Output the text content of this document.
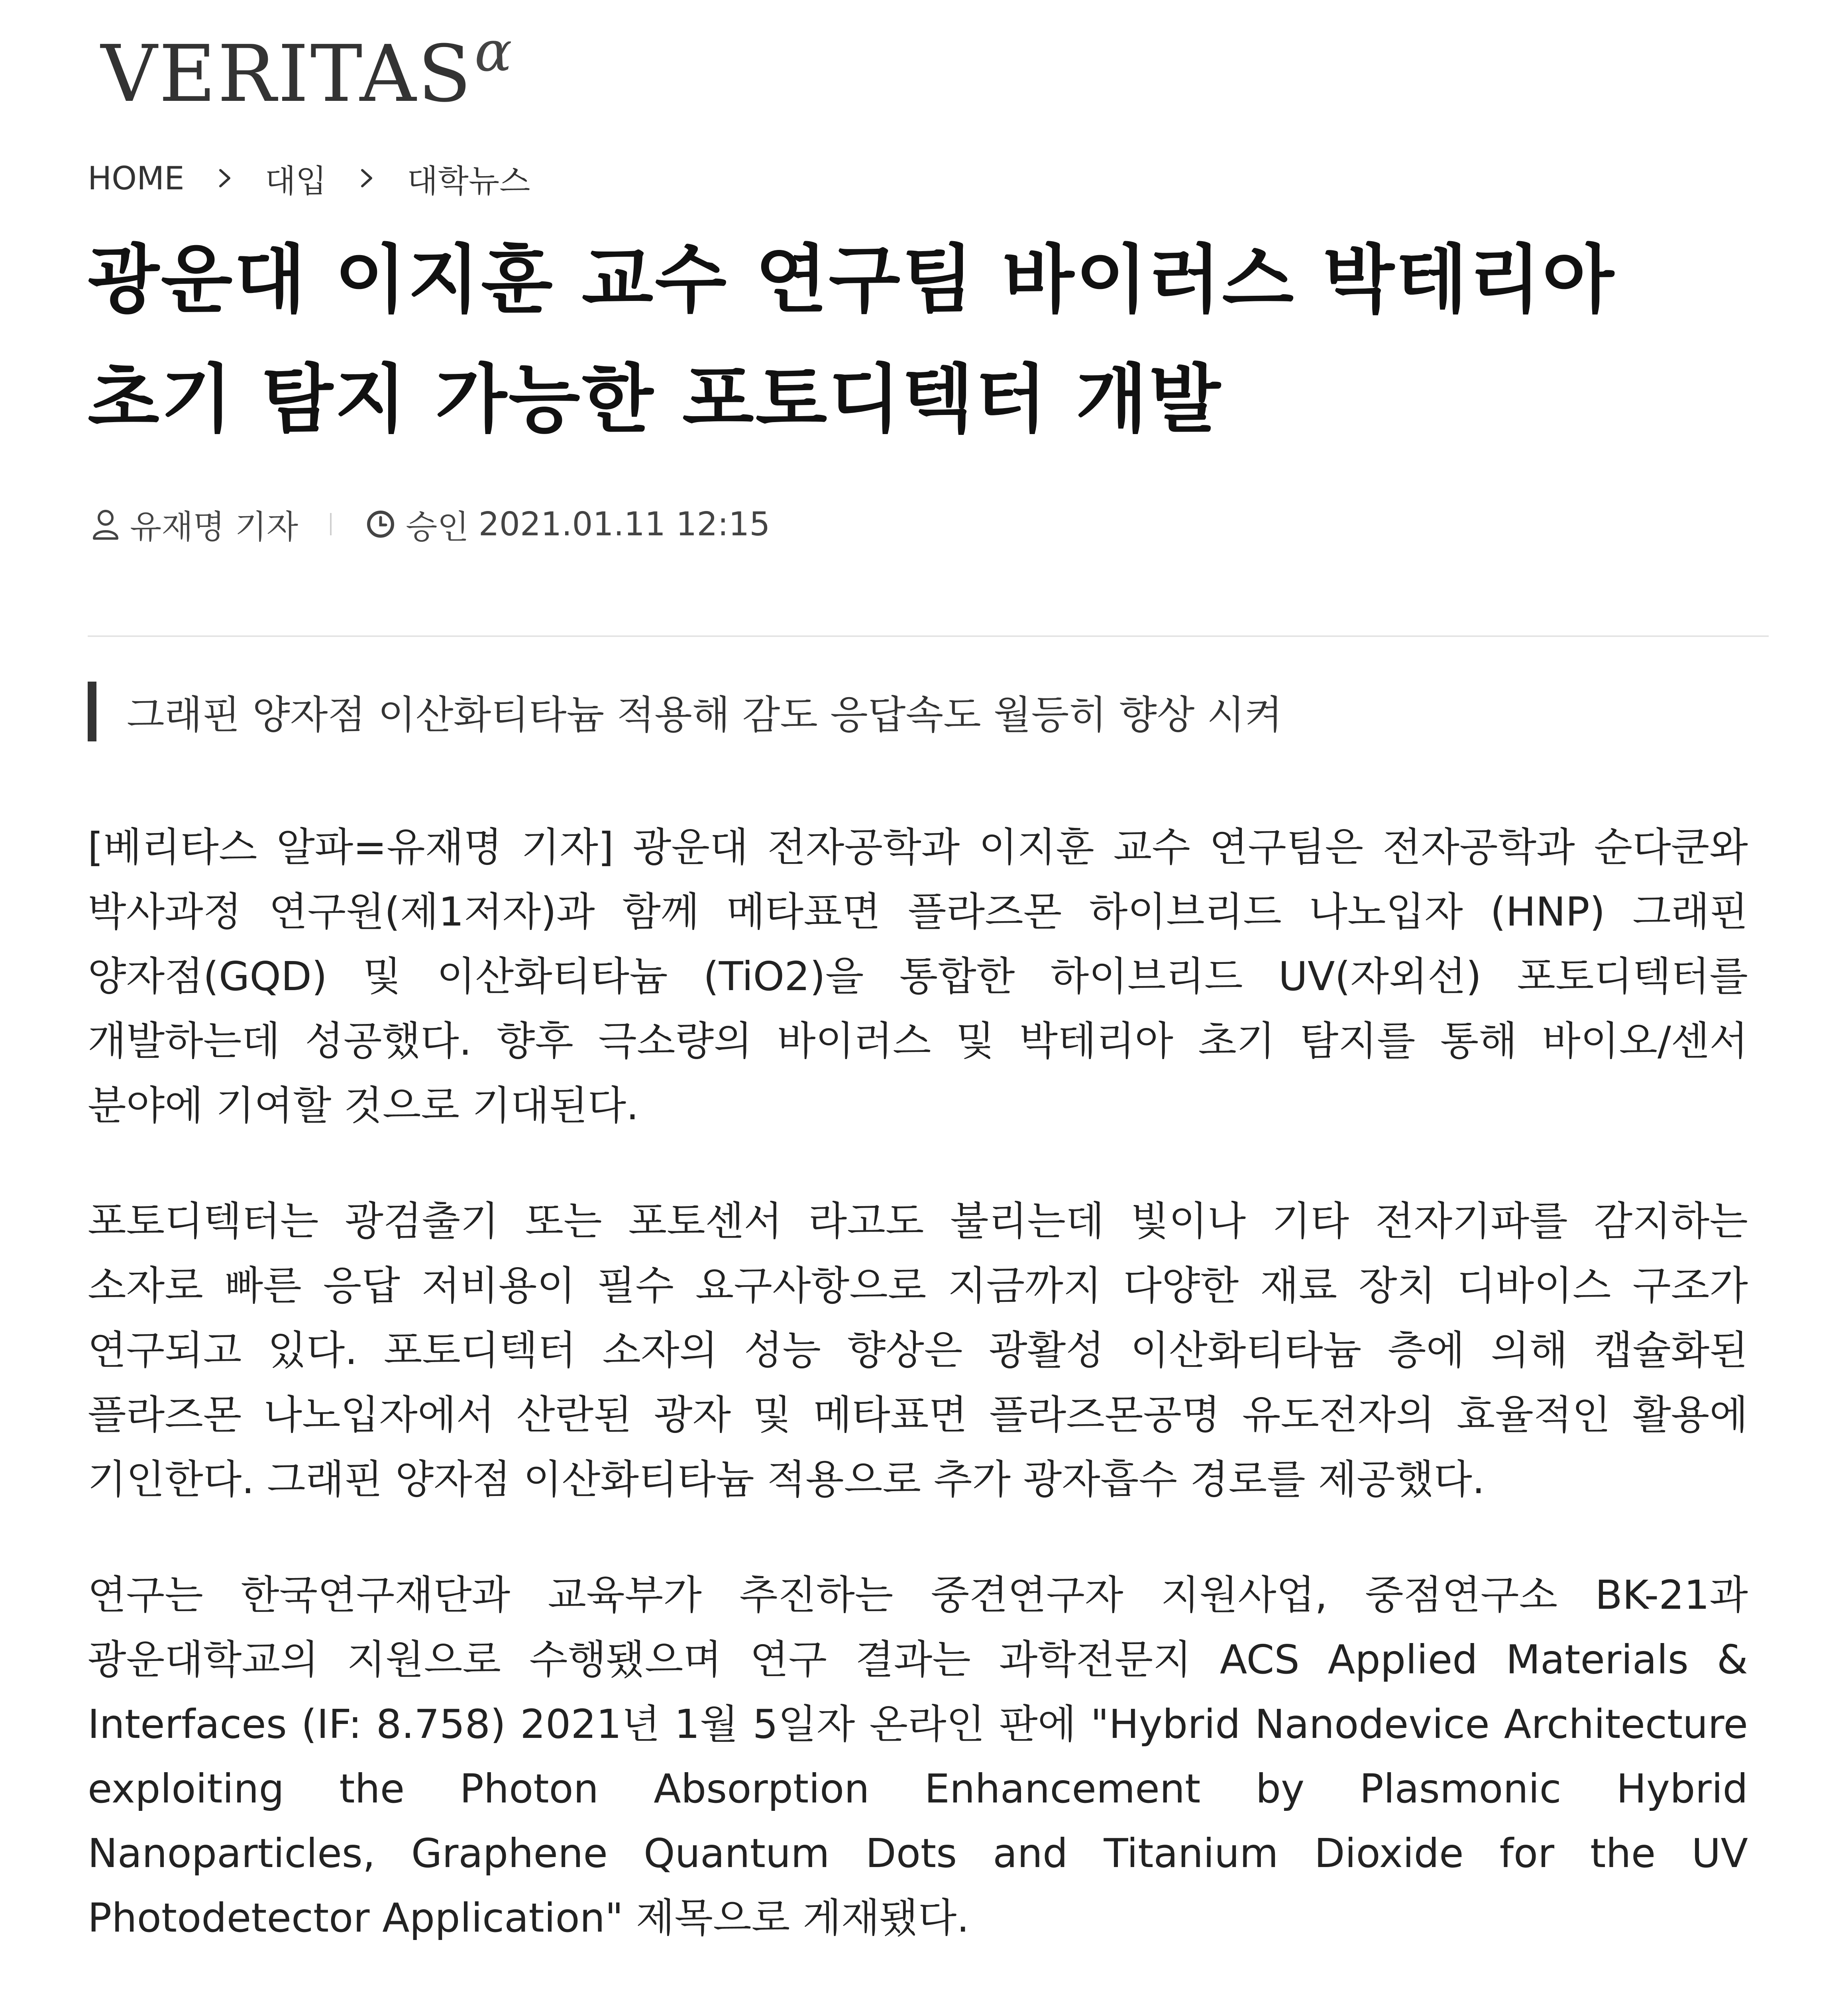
VERITAS α
HOME	대입	대학뉴스
광운대 이지훈 교수 연구팀 바이러스 박테리아 초기 탐지 가능한 포토디텍터 개발
유재명 기자	승인 2021.01.11 12:15
그래핀 양자점 이산화티타늄 적용해 감도 응답속도 월등히 향상 시켜

[베리타스 알파=유재명 기자] 광운대 전자공학과 이지훈 교수 연구팀은 전자공학과 순다쿤와 박사과정 연구원(제1저자)과 함께 메타표면 플라즈몬 하이브리드 나노입자 (HNP) 그래핀 양자점(GQD) 및 이산화티타늄 (TiO2)을 통합한 하이브리드 UV(자외선) 포토디텍터를 개발하는데 성공했다. 향후 극소량의 바이러스 및 박테리아 초기 탐지를 통해 바이오/센서 분야에 기여할 것으로 기대된다.

포토디텍터는 광검출기 또는 포토센서 라고도 불리는데 빛이나 기타 전자기파를 감지하는 소자로 빠른 응답 저비용이 필수 요구사항으로 지금까지 다양한 재료 장치 디바이스 구조가 연구되고 있다. 포토디텍터 소자의 성능 향상은 광활성 이산화티타늄 층에 의해 캡슐화된 플라즈몬 나노입자에서 산란된 광자 및 메타표면 플라즈몬공명 유도전자의 효율적인 활용에 기인한다. 그래핀 양자점 이산화티타늄 적용으로 추가 광자흡수 경로를 제공했다.

연구는 한국연구재단과 교육부가 추진하는 중견연구자 지원사업, 중점연구소 BK-21과 광운대학교의 지원으로 수행됐으며 연구 결과는 과학전문지 ACS Applied Materials & Interfaces (IF: 8.758) 2021년 1월 5일자 온라인 판에 "Hybrid Nanodevice Architecture exploiting the Photon Absorption Enhancement by Plasmonic Hybrid Nanoparticles, Graphene Quantum Dots and Titanium Dioxide for the UV Photodetector Application" 제목으로 게재됐다.
